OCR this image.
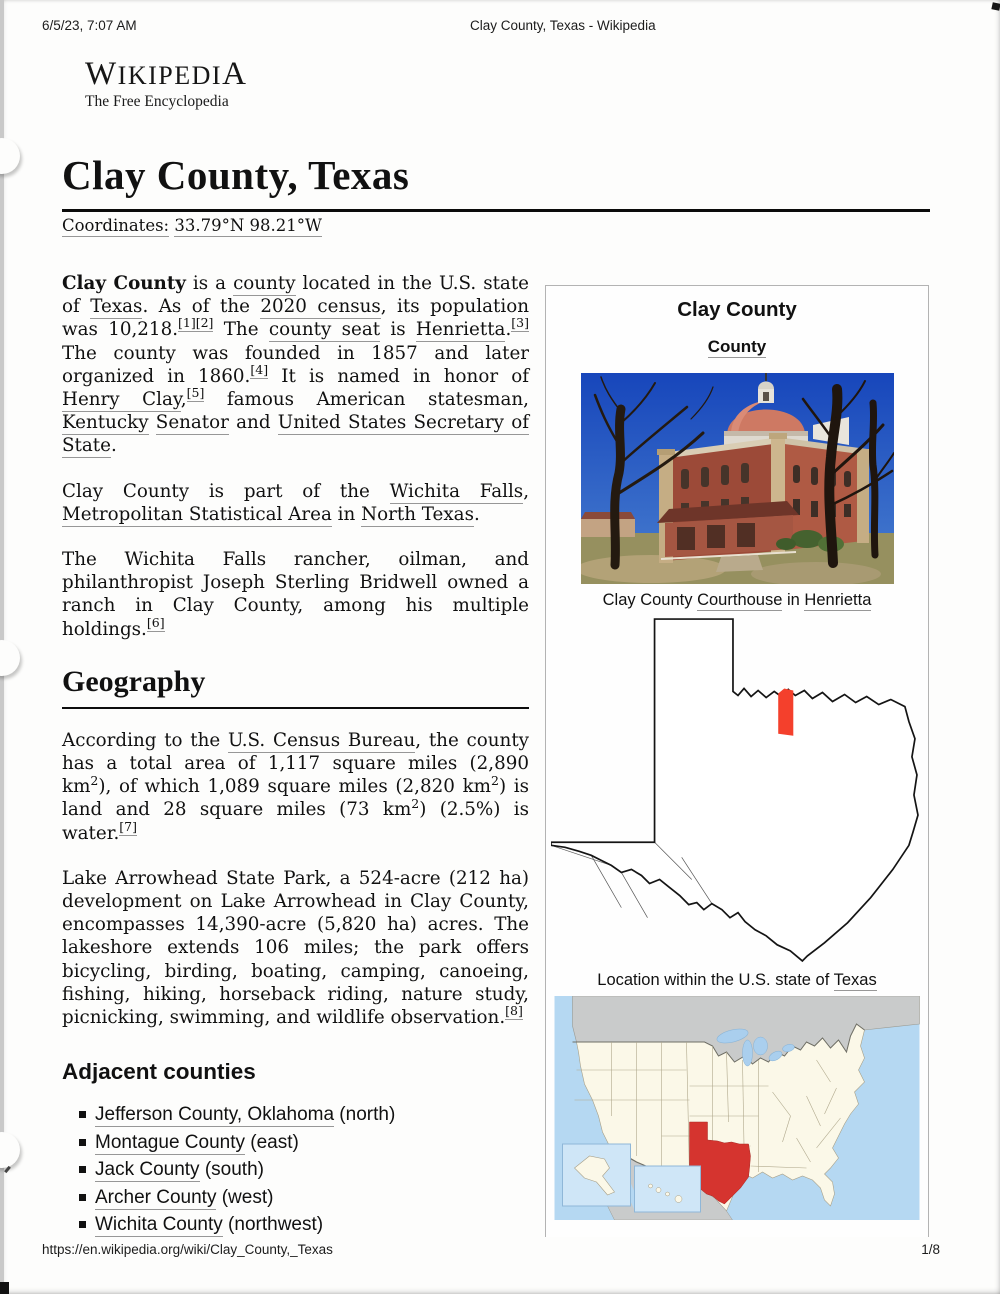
6/5/23, 7:07 AM	Clay County, Texas - Wikipedia
WIKIPEDIA
The Free Encyclopedia
Clay County, Texas
Coordinates: 33.79°N 98.21°W

Clay County is a county located in the U.S. state of Texas. As of the 2020 census, its population was 10,218.[1][2] The county seat is Henrietta.[3] The county was founded in 1857 and later organized in 1860.[4] It is named in honor of Henry Clay,[5] famous American statesman, Kentucky Senator and United States Secretary of State.

Clay County is part of the Wichita Falls, Metropolitan Statistical Area in North Texas.

The Wichita Falls rancher, oilman, and philanthropist Joseph Sterling Bridwell owned a ranch in Clay County, among his multiple holdings.[6]

Geography

According to the U.S. Census Bureau, the county has a total area of 1,117 square miles (2,890 $km^2$), of which 1,089 square miles (2,820 $km^2$) is land and 28 square miles (73 $km^2$) (2.5%) is water.[7]

Lake Arrowhead State Park, a 524-acre (212 ha) development on Lake Arrowhead in Clay County, encompasses 14,390-acre (5,820 ha) acres. The lakeshore extends 106 miles; the park offers bicycling, birding, boating, camping, canoeing, fishing, hiking, horseback riding, nature study, picnicking, swimming, and wildlife observation.[8]

Adjacent counties
Jefferson County, Oklahoma (north)
Montague County (east)
Jack County (south)
Archer County (west)
Wichita County (northwest)
Clay County
County
Clay County Courthouse in Henrietta
Location within the U.S. state of Texas
https://en.wikipedia.org/wiki/Clay_County,_Texas	1/8
